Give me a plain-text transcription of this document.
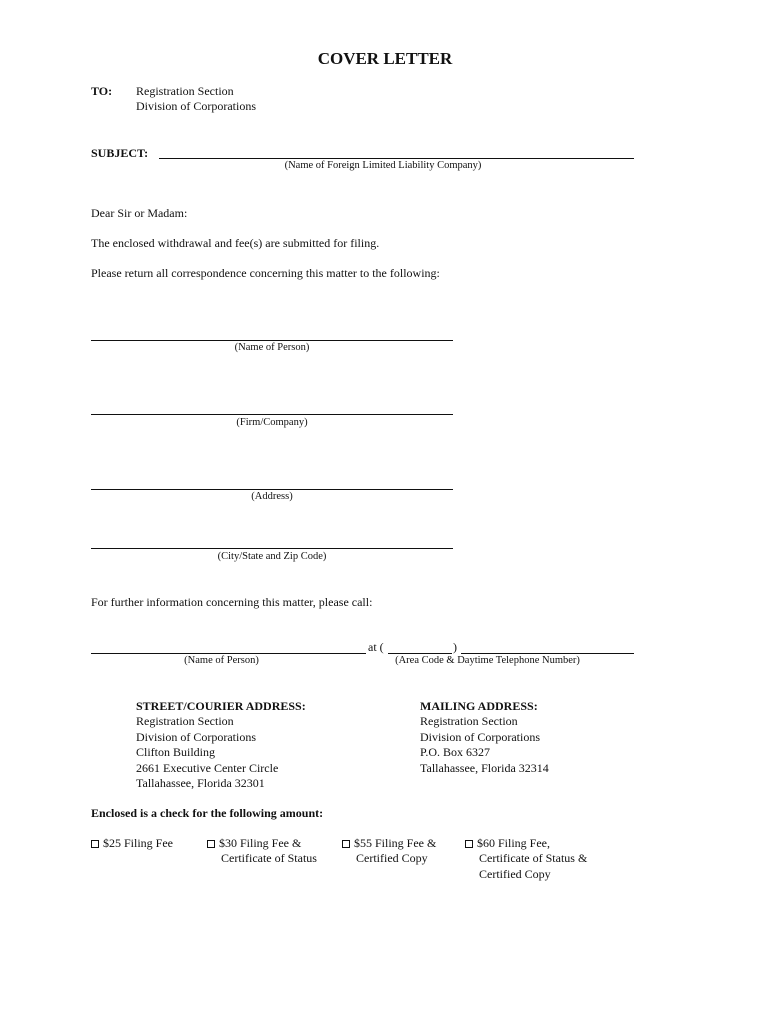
COVER LETTER
TO: Registration Section
Division of Corporations
SUBJECT:
(Name of Foreign Limited Liability Company)
Dear Sir or Madam:
The enclosed withdrawal and fee(s) are submitted for filing.
Please return all correspondence concerning this matter to the following:
(Name of Person)
(Firm/Company)
(Address)
(City/State and Zip Code)
For further information concerning this matter, please call:
at (	)
(Name of Person)	(Area Code & Daytime Telephone Number)
STREET/COURIER ADDRESS:
Registration Section
Division of Corporations
Clifton Building
2661 Executive Center Circle
Tallahassee, Florida 32301
MAILING ADDRESS:
Registration Section
Division of Corporations
P.O. Box 6327
Tallahassee, Florida 32314
Enclosed is a check for the following amount:
$25 Filing Fee	$30 Filing Fee &
Certificate of Status
$55 Filing Fee &
Certified Copy
$60 Filing Fee,
Certificate of Status &
Certified Copy
